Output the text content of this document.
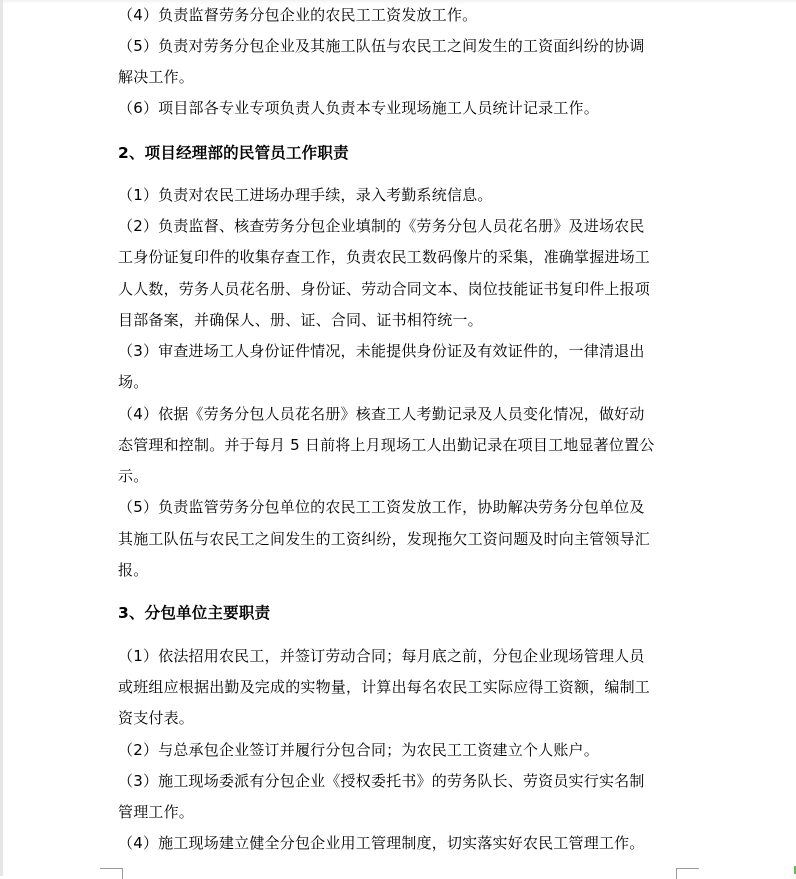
（4）负责监督劳务分包企业的农民工工资发放工作。
（5）负责对劳务分包企业及其施工队伍与农民工之间发生的工资面纠纷的协调
解决工作。
（6）项目部各专业专项负责人负责本专业现场施工人员统计记录工作。
2、项目经理部的民管员工作职责
（1）负责对农民工进场办理手续，录入考勤系统信息。
（2）负责监督、核查劳务分包企业填制的《劳务分包人员花名册》及进场农民
工身份证复印件的收集存查工作，负责农民工数码像片的采集，准确掌握进场工
人人数，劳务人员花名册、身份证、劳动合同文本、岗位技能证书复印件上报项
目部备案，并确保人、册、证、合同、证书相符统一。
（3）审查进场工人身份证件情况，未能提供身份证及有效证件的，一律清退出
场。
（4）依据《劳务分包人员花名册》核查工人考勤记录及人员变化情况，做好动
态管理和控制。并于每月 5 日前将上月现场工人出勤记录在项目工地显著位置公
示。
（5）负责监管劳务分包单位的农民工工资发放工作，协助解决劳务分包单位及
其施工队伍与农民工之间发生的工资纠纷，发现拖欠工资问题及时向主管领导汇
报。
3、分包单位主要职责
（1）依法招用农民工，并签订劳动合同；每月底之前，分包企业现场管理人员
或班组应根据出勤及完成的实物量，计算出每名农民工实际应得工资额，编制工
资支付表。
（2）与总承包企业签订并履行分包合同；为农民工工资建立个人账户。
（3）施工现场委派有分包企业《授权委托书》的劳务队长、劳资员实行实名制
管理工作。
（4）施工现场建立健全分包企业用工管理制度，切实落实好农民工管理工作。
